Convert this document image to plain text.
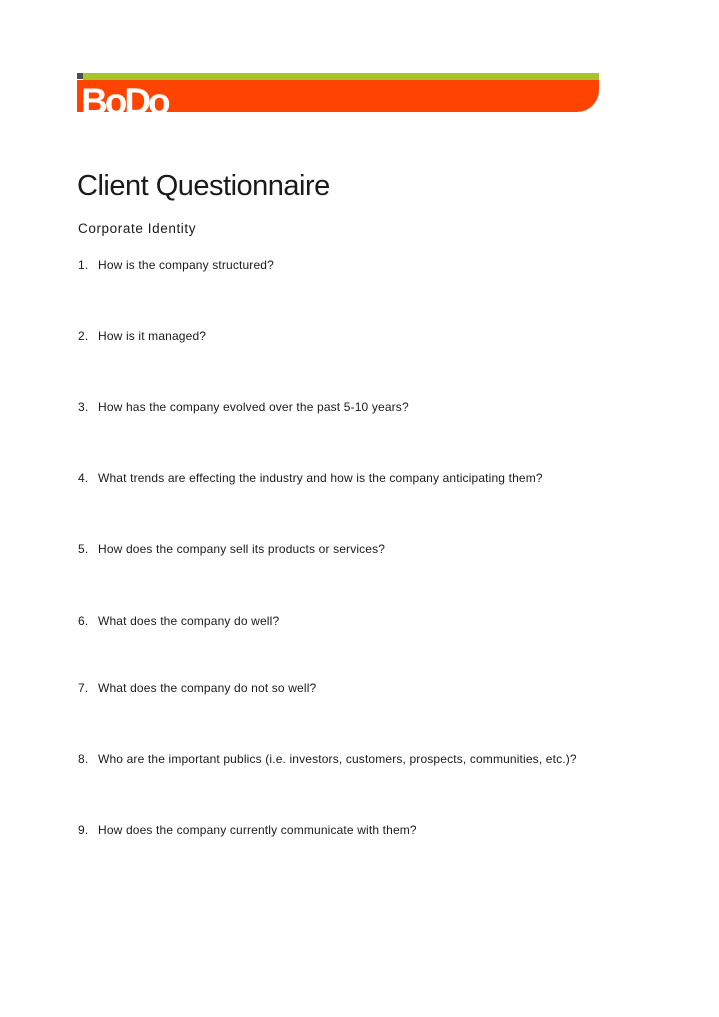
BoDo
Client Questionnaire
Corporate Identity
1. How is the company structured?
2. How is it managed?
3. How has the company evolved over the past 5-10 years?
4. What trends are effecting the industry and how is the company anticipating them?
5. How does the company sell its products or services?
6. What does the company do well?
7. What does the company do not so well?
8. Who are the important publics (i.e. investors, customers, prospects, communities, etc.)?
9. How does the company currently communicate with them?
